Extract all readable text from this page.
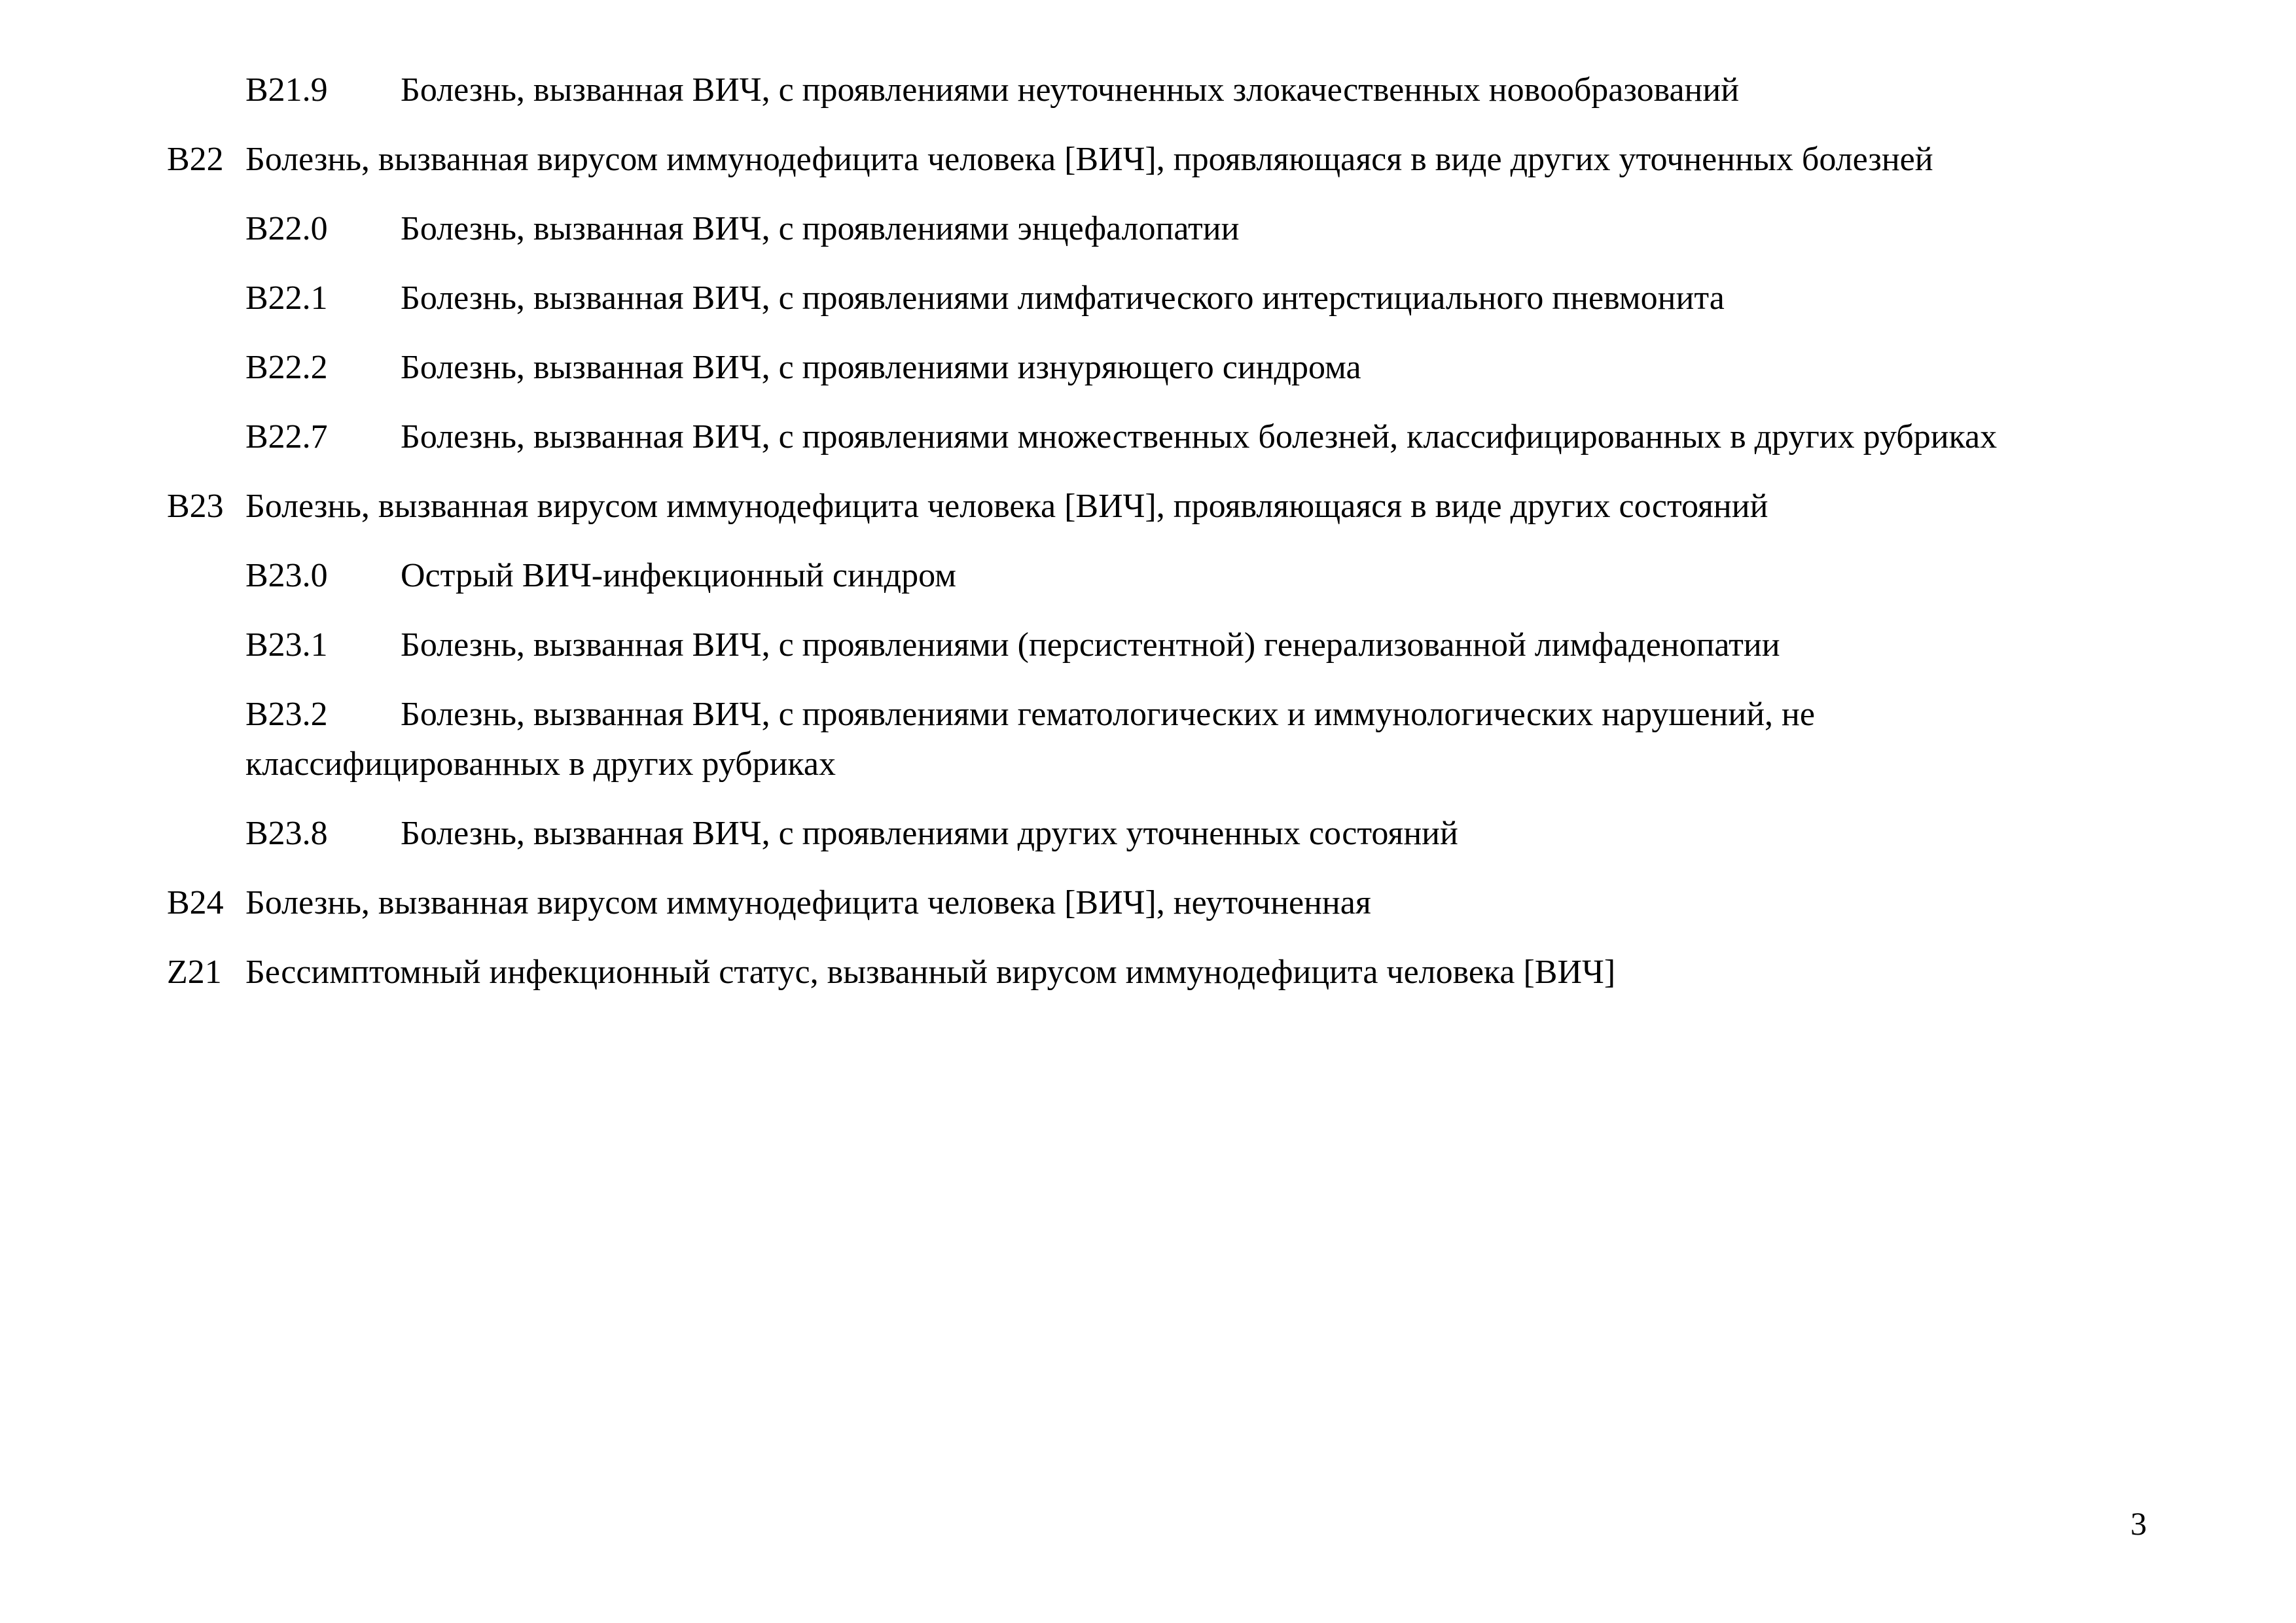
B21.9 Болезнь, вызванная ВИЧ, с проявлениями неуточненных злокачественных новообразований

B22 Болезнь, вызванная вирусом иммунодефицита человека [ВИЧ], проявляющаяся в виде других уточненных болезней

B22.0 Болезнь, вызванная ВИЧ, с проявлениями энцефалопатии

B22.1 Болезнь, вызванная ВИЧ, с проявлениями лимфатического интерстициального пневмонита

B22.2 Болезнь, вызванная ВИЧ, с проявлениями изнуряющего синдрома

B22.7 Болезнь, вызванная ВИЧ, с проявлениями множественных болезней, классифицированных в других рубриках

B23 Болезнь, вызванная вирусом иммунодефицита человека [ВИЧ], проявляющаяся в виде других состояний

B23.0 Острый ВИЧ-инфекционный синдром

B23.1 Болезнь, вызванная ВИЧ, с проявлениями (персистентной) генерализованной лимфаденопатии

B23.2 Болезнь, вызванная ВИЧ, с проявлениями гематологических и иммунологических нарушений, не классифицированных в других рубриках

B23.8 Болезнь, вызванная ВИЧ, с проявлениями других уточненных состояний

B24 Болезнь, вызванная вирусом иммунодефицита человека [ВИЧ], неуточненная

Z21 Бессимптомный инфекционный статус, вызванный вирусом иммунодефицита человека [ВИЧ]

3
